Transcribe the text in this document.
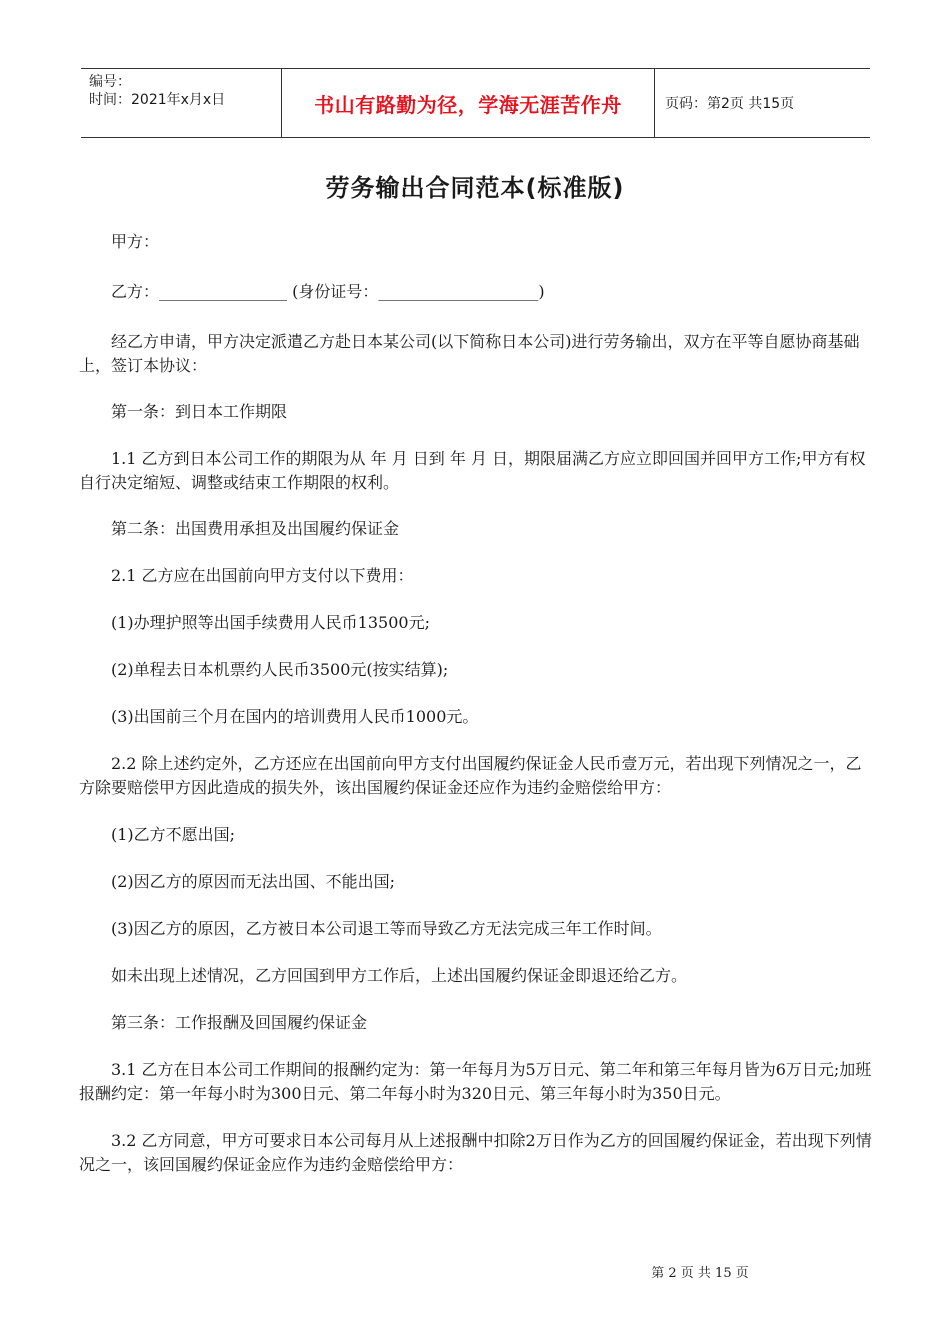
编号：
时间：2021年x月x日	书山有路勤为径，学海无涯苦作舟	页码：第2页 共15页
劳务输出合同范本(标准版)

甲方：

乙方：________________ (身份证号：____________________)

经乙方申请，甲方决定派遣乙方赴日本某公司(以下简称日本公司)进行劳务输出，双方在平等自愿协商基础上，签订本协议：

第一条：到日本工作期限

1.1 乙方到日本公司工作的期限为从 年 月 日到 年 月 日，期限届满乙方应立即回国并回甲方工作;甲方有权自行决定缩短、调整或结束工作期限的权利。

第二条：出国费用承担及出国履约保证金

2.1 乙方应在出国前向甲方支付以下费用：

(1)办理护照等出国手续费用人民币13500元;

(2)单程去日本机票约人民币3500元(按实结算);

(3)出国前三个月在国内的培训费用人民币1000元。

2.2 除上述约定外，乙方还应在出国前向甲方支付出国履约保证金人民币壹万元，若出现下列情况之一，乙方除要赔偿甲方因此造成的损失外，该出国履约保证金还应作为违约金赔偿给甲方：

(1)乙方不愿出国;

(2)因乙方的原因而无法出国、不能出国;

(3)因乙方的原因，乙方被日本公司退工等而导致乙方无法完成三年工作时间。

如未出现上述情况，乙方回国到甲方工作后，上述出国履约保证金即退还给乙方。

第三条：工作报酬及回国履约保证金

3.1 乙方在日本公司工作期间的报酬约定为：第一年每月为5万日元、第二年和第三年每月皆为6万日元;加班报酬约定：第一年每小时为300日元、第二年每小时为320日元、第三年每小时为350日元。

3.2 乙方同意，甲方可要求日本公司每月从上述报酬中扣除2万日作为乙方的回国履约保证金，若出现下列情况之一，该回国履约保证金应作为违约金赔偿给甲方：

第 2 页 共 15 页
